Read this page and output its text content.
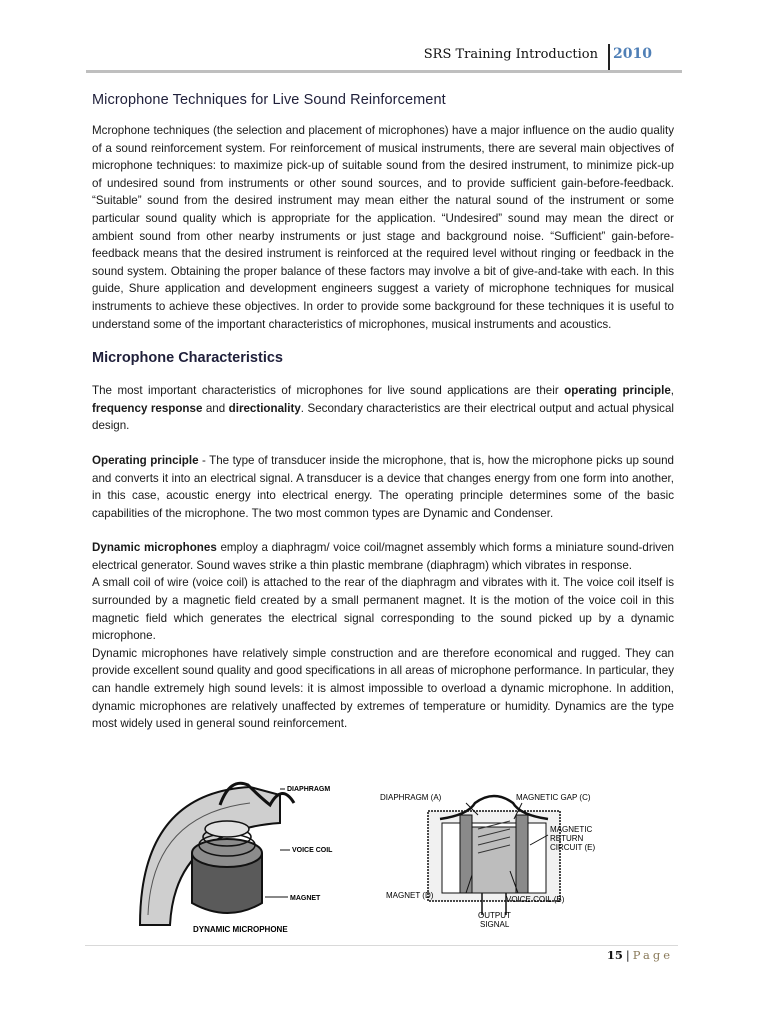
SRS Training Introduction 2010
Microphone Techniques for Live Sound Reinforcement

Mcrophone techniques (the selection and placement of microphones) have a major influence on the audio quality of a sound reinforcement system. For reinforcement of musical instruments, there are several main objectives of microphone techniques: to maximize pick-up of suitable sound from the desired instrument, to minimize pick-up of undesired sound from instruments or other sound sources, and to provide sufficient gain-before-feedback. “Suitable” sound from the desired instrument may mean either the natural sound of the instrument or some particular sound quality which is appropriate for the application. “Undesired” sound may mean the direct or ambient sound from other nearby instruments or just stage and background noise. “Sufficient” gain-before-feedback means that the desired instrument is reinforced at the required level without ringing or feedback in the sound system. Obtaining the proper balance of these factors may involve a bit of give-and-take with each. In this guide, Shure application and development engineers suggest a variety of microphone techniques for musical instruments to achieve these objectives. In order to provide some background for these techniques it is useful to understand some of the important characteristics of microphones, musical instruments and acoustics.

Microphone Characteristics

The most important characteristics of microphones for live sound applications are their operating principle, frequency response and directionality. Secondary characteristics are their electrical output and actual physical design.

Operating principle - The type of transducer inside the microphone, that is, how the microphone picks up sound and converts it into an electrical signal. A transducer is a device that changes energy from one form into another, in this case, acoustic energy into electrical energy. The operating principle determines some of the basic capabilities of the microphone. The two most common types are Dynamic and Condenser.

Dynamic microphones employ a diaphragm/ voice coil/magnet assembly which forms a miniature sound-driven electrical generator. Sound waves strike a thin plastic membrane (diaphragm) which vibrates in response.

A small coil of wire (voice coil) is attached to the rear of the diaphragm and vibrates with it. The voice coil itself is surrounded by a magnetic field created by a small permanent magnet. It is the motion of the voice coil in this magnetic field which generates the electrical signal corresponding to the sound picked up by a dynamic microphone.

Dynamic microphones have relatively simple construction and are therefore economical and rugged. They can provide excellent sound quality and good specifications in all areas of microphone performance. In particular, they can handle extremely high sound levels: it is almost impossible to overload a dynamic microphone. In addition, dynamic microphones are relatively unaffected by extremes of temperature or humidity. Dynamics are the type most widely used in general sound reinforcement.

DIAPHRAGM
VOICE COIL
MAGNET
DYNAMIC MICROPHONE
DIAPHRAGM (A)	MAGNETIC GAP (C)
MAGNETIC
RETURN
CIRCUIT (E)
MAGNET (D)	VOICE COIL (B)
OUTPUT
SIGNAL
15 | Page
